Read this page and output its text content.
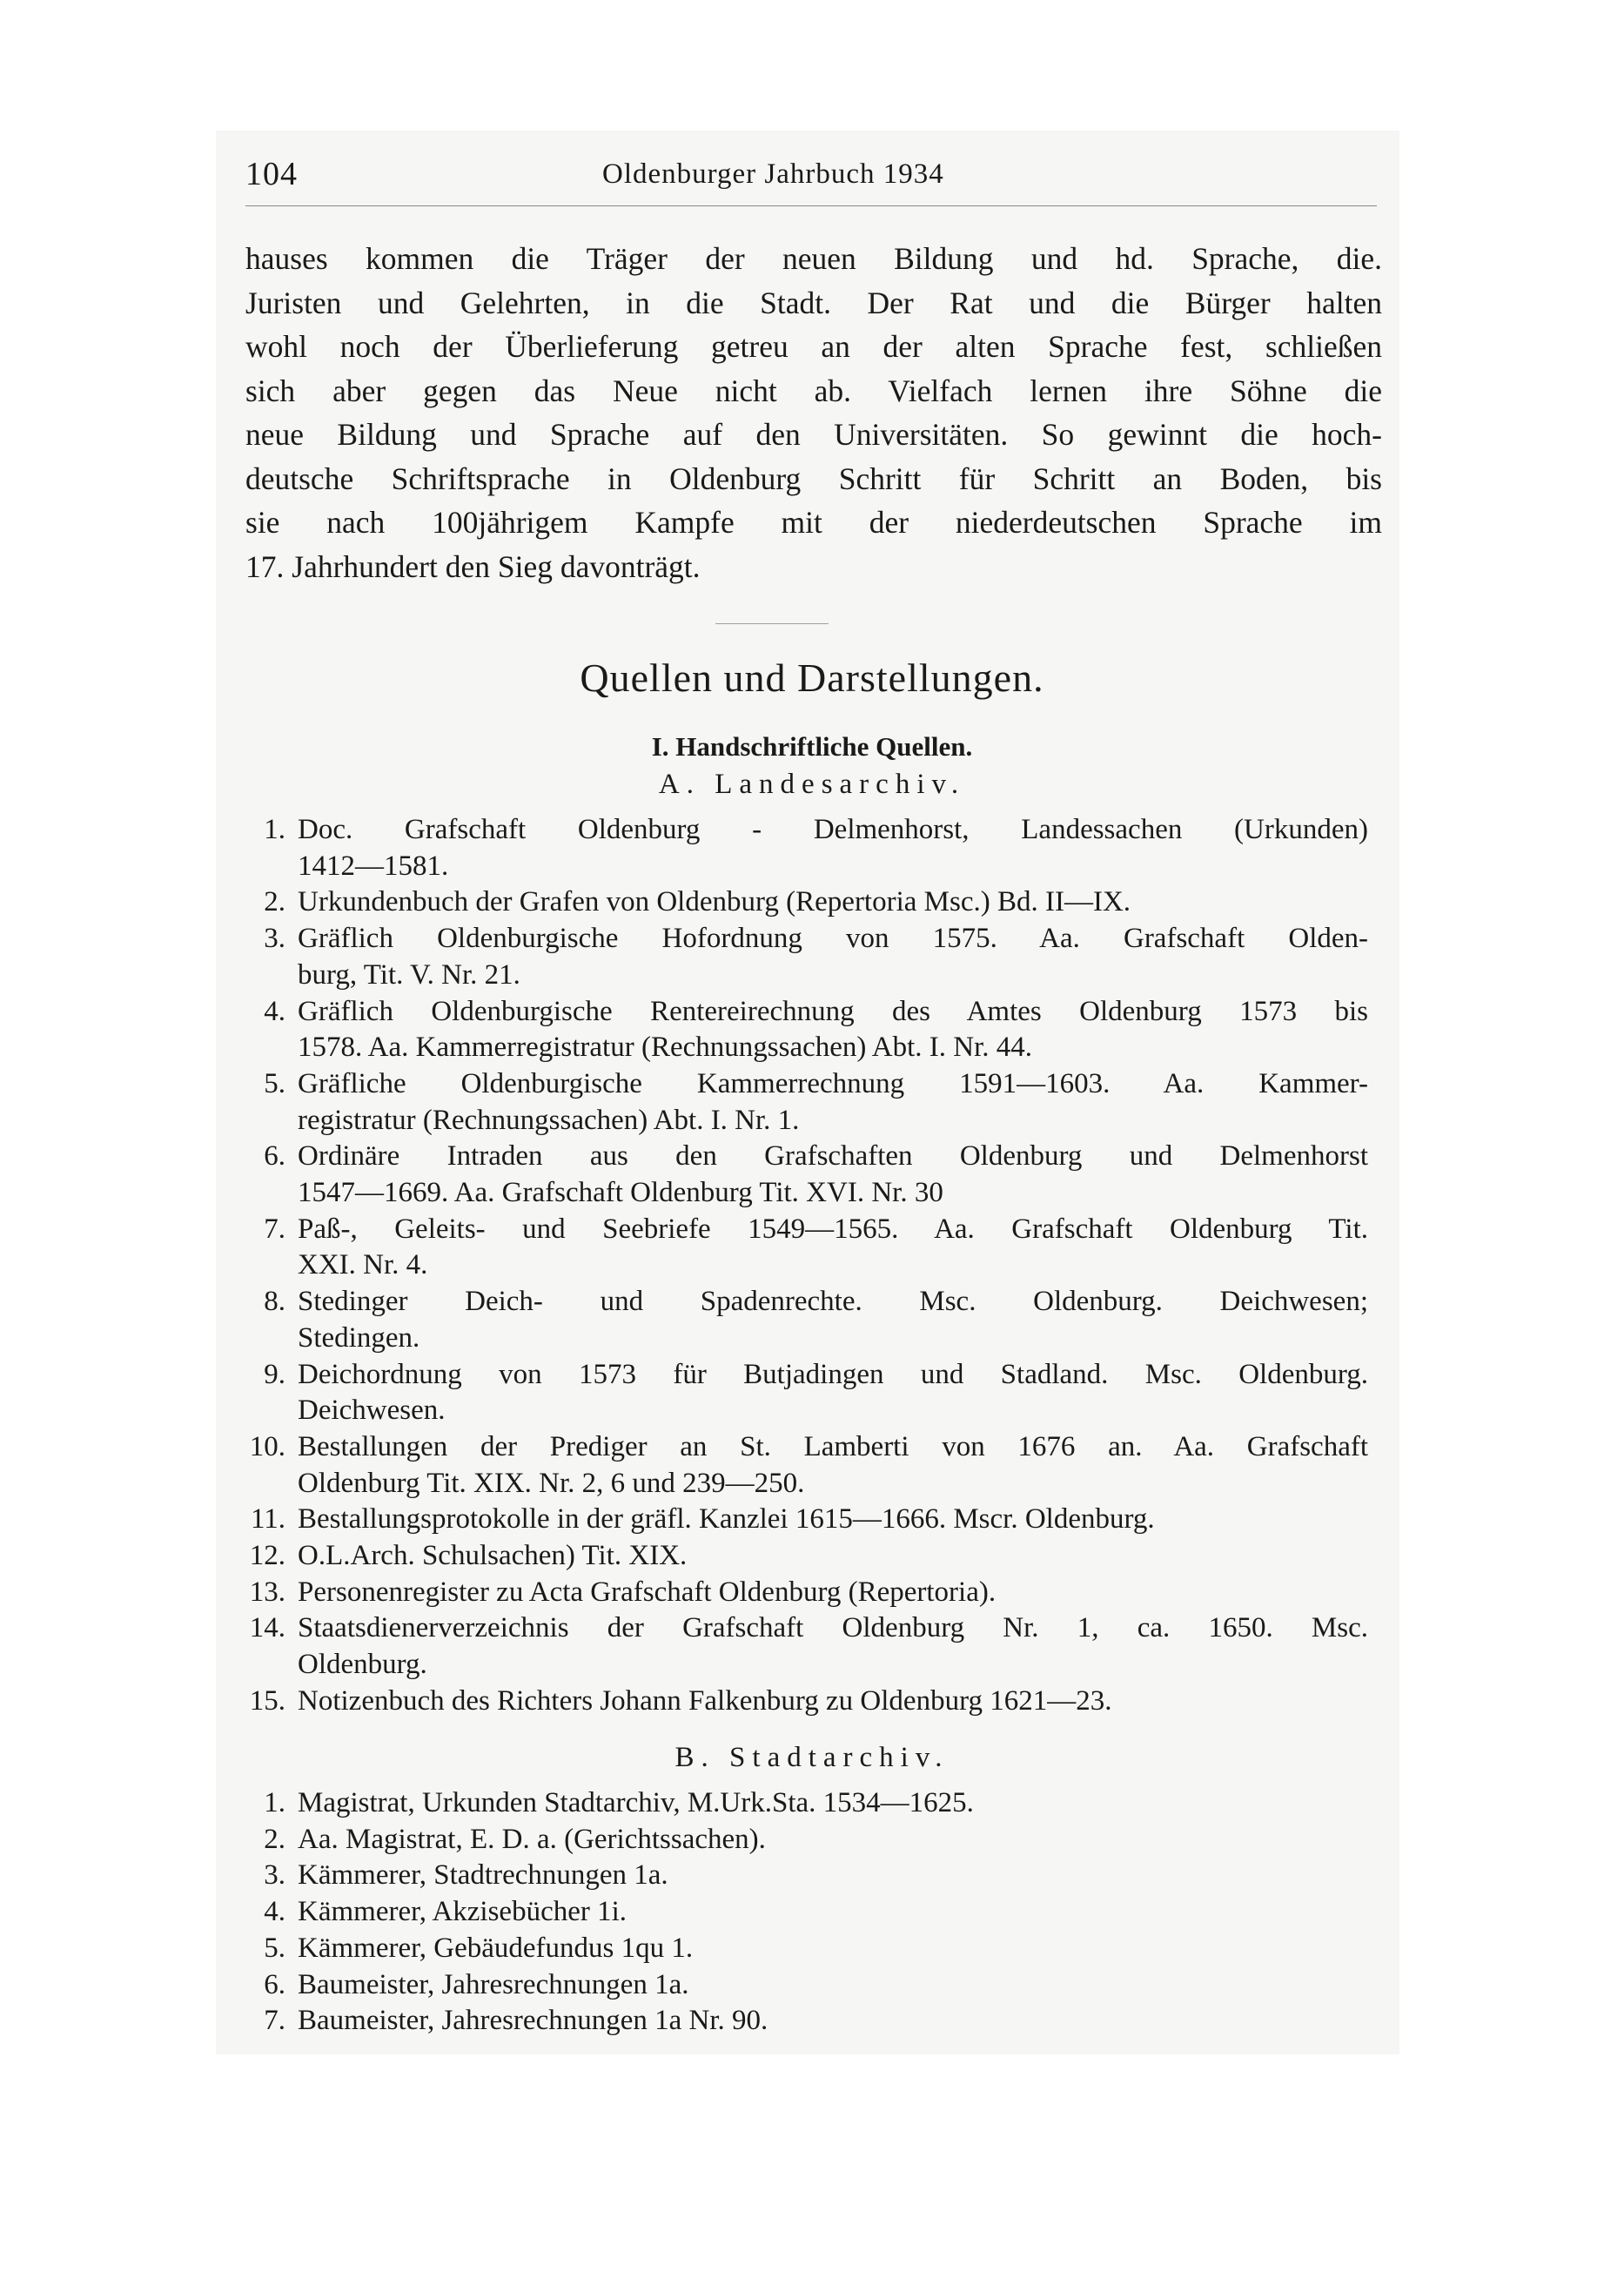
104	Oldenburger Jahrbuch 1934
hauses kommen die Träger der neuen Bildung und hd. Sprache, die.
Juristen und Gelehrten, in die Stadt. Der Rat und die Bürger halten
wohl noch der Überlieferung getreu an der alten Sprache fest, schließen
sich aber gegen das Neue nicht ab. Vielfach lernen ihre Söhne die
neue Bildung und Sprache auf den Universitäten. So gewinnt die hoch-
deutsche Schriftsprache in Oldenburg Schritt für Schritt an Boden, bis
sie nach 100jährigem Kampfe mit der niederdeutschen Sprache im
17. Jahrhundert den Sieg davonträgt.
Quellen und Darstellungen.
I. Handschriftliche Quellen.
A. Landesarchiv.
1. Doc. Grafschaft Oldenburg - Delmenhorst, Landessachen (Urkunden)
1412—1581.
2. Urkundenbuch der Grafen von Oldenburg (Repertoria Msc.) Bd. II—IX.
3. Gräflich Oldenburgische Hofordnung von 1575. Aa. Grafschaft Olden-
burg, Tit. V. Nr. 21.
4. Gräflich Oldenburgische Rentereirechnung des Amtes Oldenburg 1573 bis
1578. Aa. Kammerregistratur (Rechnungssachen) Abt. I. Nr. 44.
5. Gräfliche Oldenburgische Kammerrechnung 1591—1603. Aa. Kammer-
registratur (Rechnungssachen) Abt. I. Nr. 1.
6. Ordinäre Intraden aus den Grafschaften Oldenburg und Delmenhorst
1547—1669. Aa. Grafschaft Oldenburg Tit. XVI. Nr. 30
7. Paß-, Geleits- und Seebriefe 1549—1565. Aa. Grafschaft Oldenburg Tit.
XXI. Nr. 4.
8. Stedinger Deich- und Spadenrechte. Msc. Oldenburg. Deichwesen;
Stedingen.
9. Deichordnung von 1573 für Butjadingen und Stadland. Msc. Oldenburg.
Deichwesen.
10. Bestallungen der Prediger an St. Lamberti von 1676 an. Aa. Grafschaft
Oldenburg Tit. XIX. Nr. 2, 6 und 239—250.
11. Bestallungsprotokolle in der gräfl. Kanzlei 1615—1666. Mscr. Oldenburg.
12. O.L.Arch. Schulsachen) Tit. XIX.
13. Personenregister zu Acta Grafschaft Oldenburg (Repertoria).
14. Staatsdienerverzeichnis der Grafschaft Oldenburg Nr. 1, ca. 1650. Msc.
Oldenburg.
15. Notizenbuch des Richters Johann Falkenburg zu Oldenburg 1621—23.
B. Stadtarchiv.
1. Magistrat, Urkunden Stadtarchiv, M.Urk.Sta. 1534—1625.
2. Aa. Magistrat, E. D. a. (Gerichtssachen).
3. Kämmerer, Stadtrechnungen 1a.
4. Kämmerer, Akzisebücher 1i.
5. Kämmerer, Gebäudefundus 1qu 1.
6. Baumeister, Jahresrechnungen 1a.
7. Baumeister, Jahresrechnungen 1a Nr. 90.
